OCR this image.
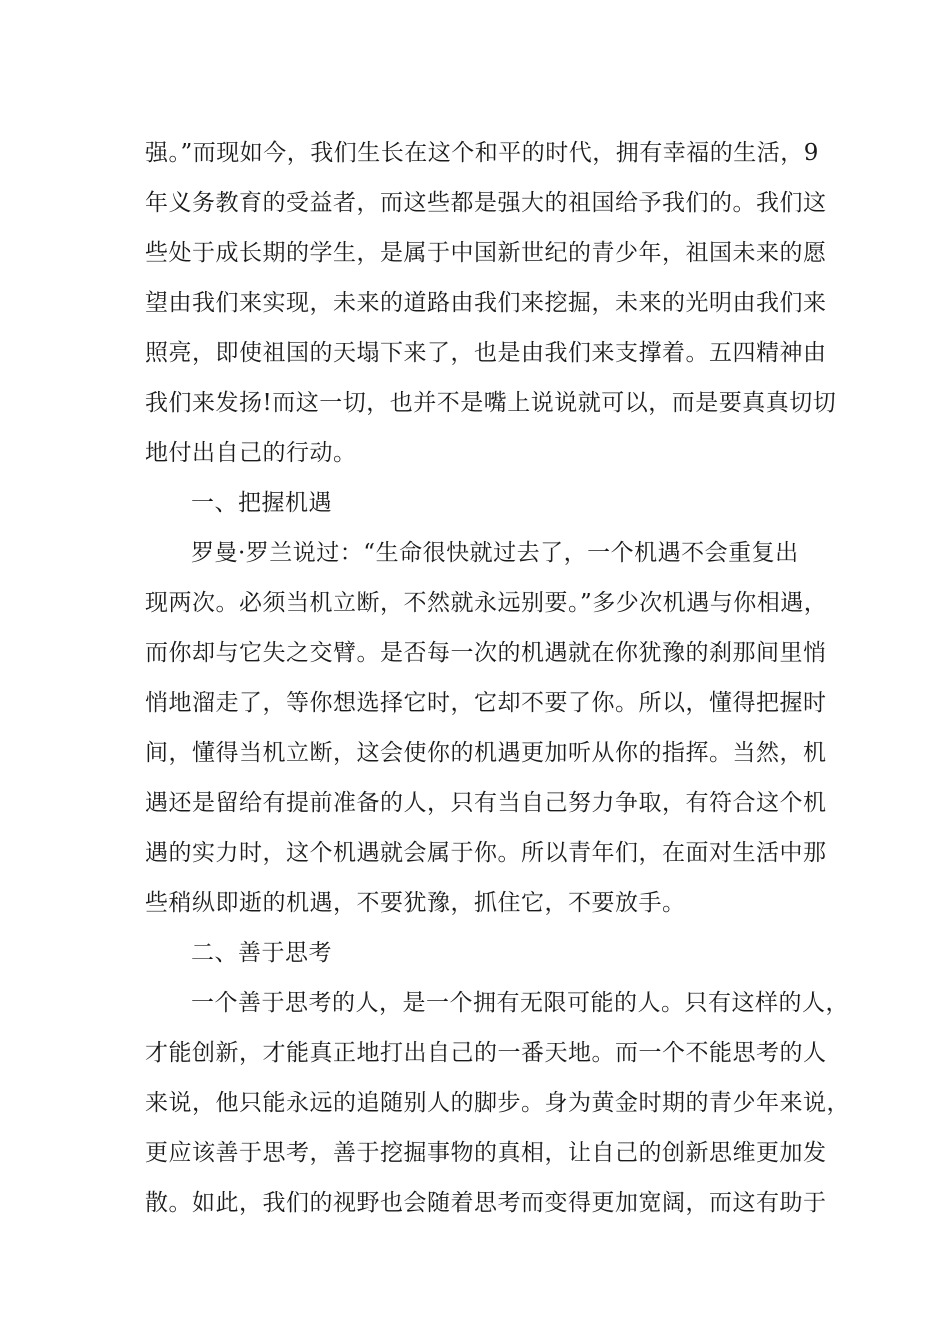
强。”而现如今，我们生长在这个和平的时代，拥有幸福的生活，9
年义务教育的受益者，而这些都是强大的祖国给予我们的。我们这
些处于成长期的学生，是属于中国新世纪的青少年，祖国未来的愿
望由我们来实现，未来的道路由我们来挖掘，未来的光明由我们来
照亮，即使祖国的天塌下来了，也是由我们来支撑着。五四精神由
我们来发扬!而这一切，也并不是嘴上说说就可以，而是要真真切切
地付出自己的行动。
一、把握机遇
罗曼·罗兰说过：“生命很快就过去了，一个机遇不会重复出
现两次。必须当机立断，不然就永远别要。”多少次机遇与你相遇，
而你却与它失之交臂。是否每一次的机遇就在你犹豫的刹那间里悄
悄地溜走了，等你想选择它时，它却不要了你。所以，懂得把握时
间，懂得当机立断，这会使你的机遇更加听从你的指挥。当然，机
遇还是留给有提前准备的人，只有当自己努力争取，有符合这个机
遇的实力时，这个机遇就会属于你。所以青年们，在面对生活中那
些稍纵即逝的机遇，不要犹豫，抓住它，不要放手。
二、善于思考
一个善于思考的人，是一个拥有无限可能的人。只有这样的人，
才能创新，才能真正地打出自己的一番天地。而一个不能思考的人
来说，他只能永远的追随别人的脚步。身为黄金时期的青少年来说，
更应该善于思考，善于挖掘事物的真相，让自己的创新思维更加发
散。如此，我们的视野也会随着思考而变得更加宽阔，而这有助于
